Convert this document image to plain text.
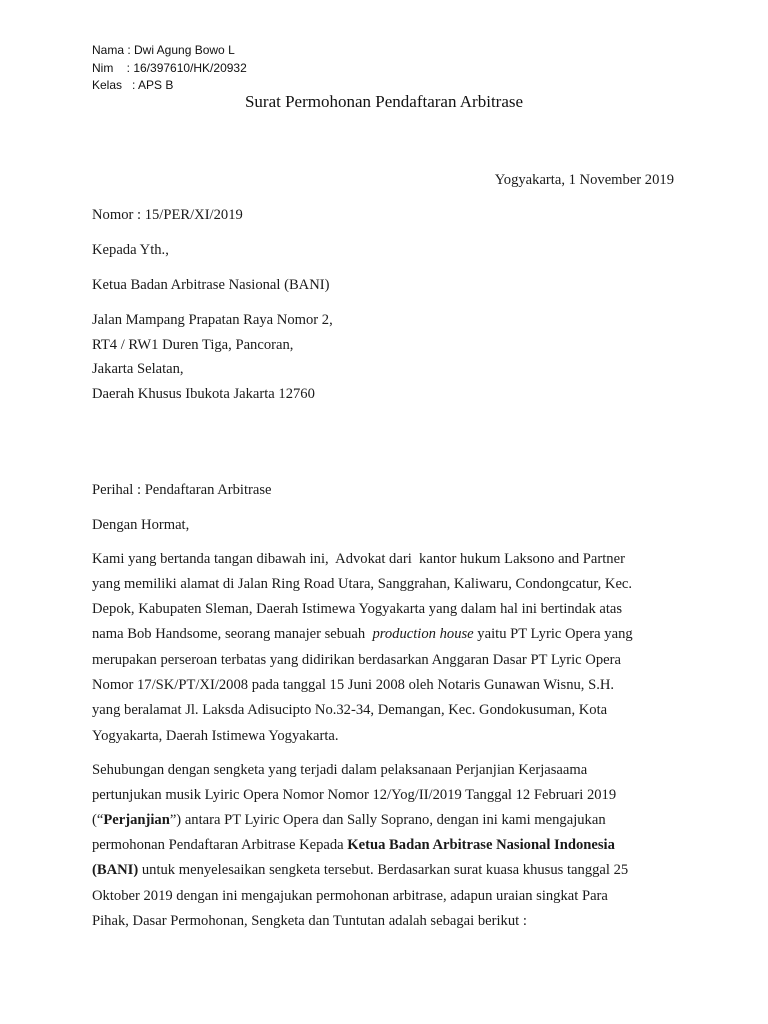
Nama : Dwi Agung Bowo L
Nim    : 16/397610/HK/20932
Kelas   : APS B
Surat Permohonan Pendaftaran Arbitrase
Yogyakarta, 1 November 2019
Nomor : 15/PER/XI/2019
Kepada Yth.,
Ketua Badan Arbitrase Nasional (BANI)
Jalan Mampang Prapatan Raya Nomor 2,
RT4 / RW1 Duren Tiga, Pancoran,
Jakarta Selatan,
Daerah Khusus Ibukota Jakarta 12760
Perihal : Pendaftaran Arbitrase
Dengan Hormat,
Kami yang bertanda tangan dibawah ini,  Advokat dari  kantor hukum Laksono and Partner
yang memiliki alamat di Jalan Ring Road Utara, Sanggrahan, Kaliwaru, Condongcatur, Kec.
Depok, Kabupaten Sleman, Daerah Istimewa Yogyakarta yang dalam hal ini bertindak atas
nama Bob Handsome, seorang manajer sebuah  production house yaitu PT Lyric Opera yang
merupakan perseroan terbatas yang didirikan berdasarkan Anggaran Dasar PT Lyric Opera
Nomor 17/SK/PT/XI/2008 pada tanggal 15 Juni 2008 oleh Notaris Gunawan Wisnu, S.H.
yang beralamat Jl. Laksda Adisucipto No.32-34, Demangan, Kec. Gondokusuman, Kota
Yogyakarta, Daerah Istimewa Yogyakarta.
Sehubungan dengan sengketa yang terjadi dalam pelaksanaan Perjanjian Kerjasaama
pertunjukan musik Lyiric Opera Nomor Nomor 12/Yog/II/2019 Tanggal 12 Februari 2019
(“Perjanjian”) antara PT Lyiric Opera dan Sally Soprano, dengan ini kami mengajukan
permohonan Pendaftaran Arbitrase Kepada Ketua Badan Arbitrase Nasional Indonesia
(BANI) untuk menyelesaikan sengketa tersebut. Berdasarkan surat kuasa khusus tanggal 25
Oktober 2019 dengan ini mengajukan permohonan arbitrase, adapun uraian singkat Para
Pihak, Dasar Permohonan, Sengketa dan Tuntutan adalah sebagai berikut :
